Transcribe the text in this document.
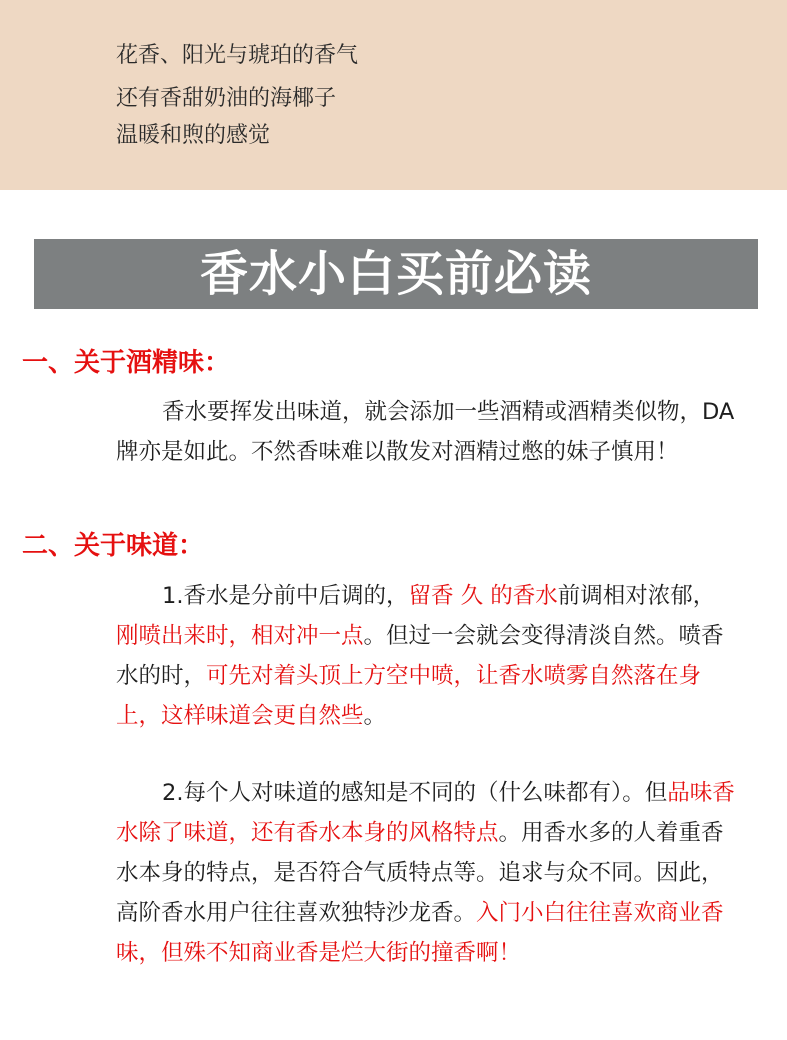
花香、阳光与琥珀的香气
还有香甜奶油的海椰子
温暖和煦的感觉
香水小白买前必读
一、关于酒精味：

香水要挥发出味道，就会添加一些酒精或酒精类似物，DA牌亦是如此。不然香味难以散发对酒精过憋的妹子慎用！

二、关于味道：

1.香水是分前中后调的，留香 久 的香水前调相对浓郁，刚喷出来时，相对冲一点。但过一会就会变得清淡自然。喷香水的时，可先对着头顶上方空中喷，让香水喷雾自然落在身上，这样味道会更自然些。

2.每个人对味道的感知是不同的（什么味都有）。但品味香水除了味道，还有香水本身的风格特点。用香水多的人着重香水本身的特点，是否符合气质特点等。追求与众不同。因此，高阶香水用户往往喜欢独特沙龙香。入门小白往往喜欢商业香味，但殊不知商业香是烂大街的撞香啊！
